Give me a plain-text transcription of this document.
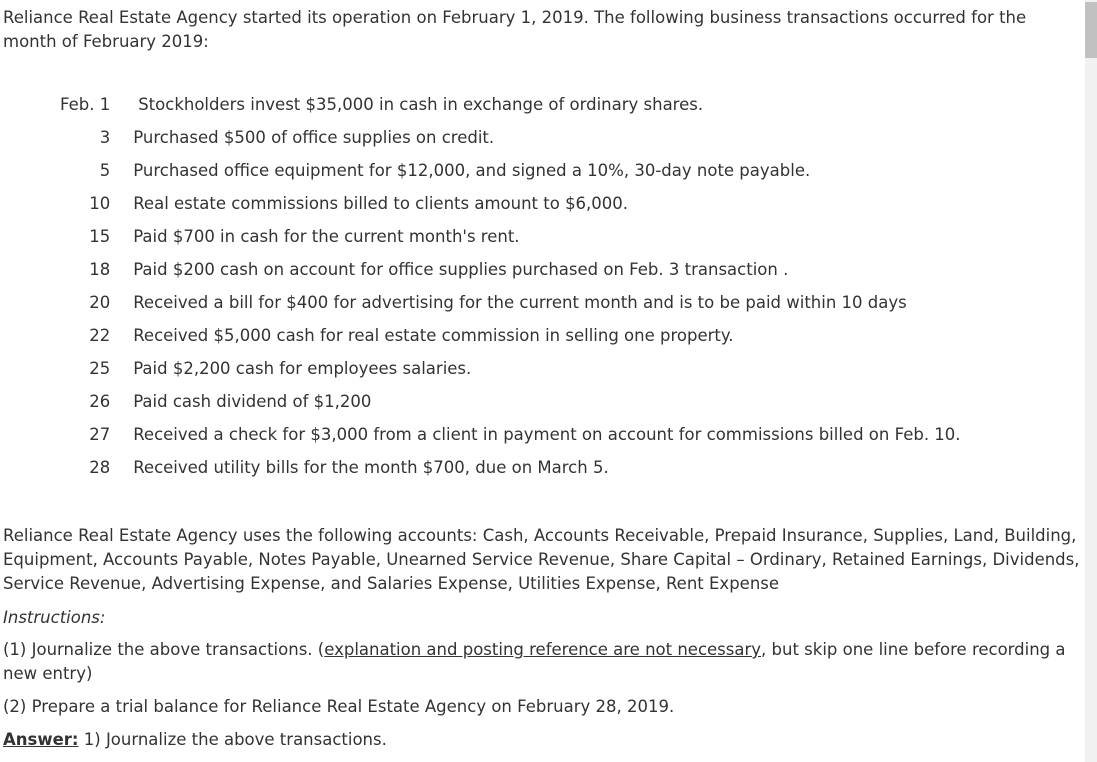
Reliance Real Estate Agency started its operation on February 1, 2019. The following business transactions occurred for the month of February 2019:

Feb. 1	Stockholders invest $35,000 in cash in exchange of ordinary shares.
3	Purchased $500 of office supplies on credit.
5	Purchased office equipment for $12,000, and signed a 10%, 30-day note payable.
10	Real estate commissions billed to clients amount to $6,000.
15	Paid $700 in cash for the current month's rent.
18	Paid $200 cash on account for office supplies purchased on Feb. 3 transaction .
20	Received a bill for $400 for advertising for the current month and is to be paid within 10 days
22	Received $5,000 cash for real estate commission in selling one property.
25	Paid $2,200 cash for employees salaries.
26	Paid cash dividend of $1,200
27	Received a check for $3,000 from a client in payment on account for commissions billed on Feb. 10.
28	Received utility bills for the month $700, due on March 5.

Reliance Real Estate Agency uses the following accounts: Cash, Accounts Receivable, Prepaid Insurance, Supplies, Land, Building, Equipment, Accounts Payable, Notes Payable, Unearned Service Revenue, Share Capital – Ordinary, Retained Earnings, Dividends, Service Revenue, Advertising Expense, and Salaries Expense, Utilities Expense, Rent Expense

Instructions:

(1) Journalize the above transactions. (explanation and posting reference are not necessary, but skip one line before recording a new entry)

(2) Prepare a trial balance for Reliance Real Estate Agency on February 28, 2019.

Answer: 1) Journalize the above transactions.
